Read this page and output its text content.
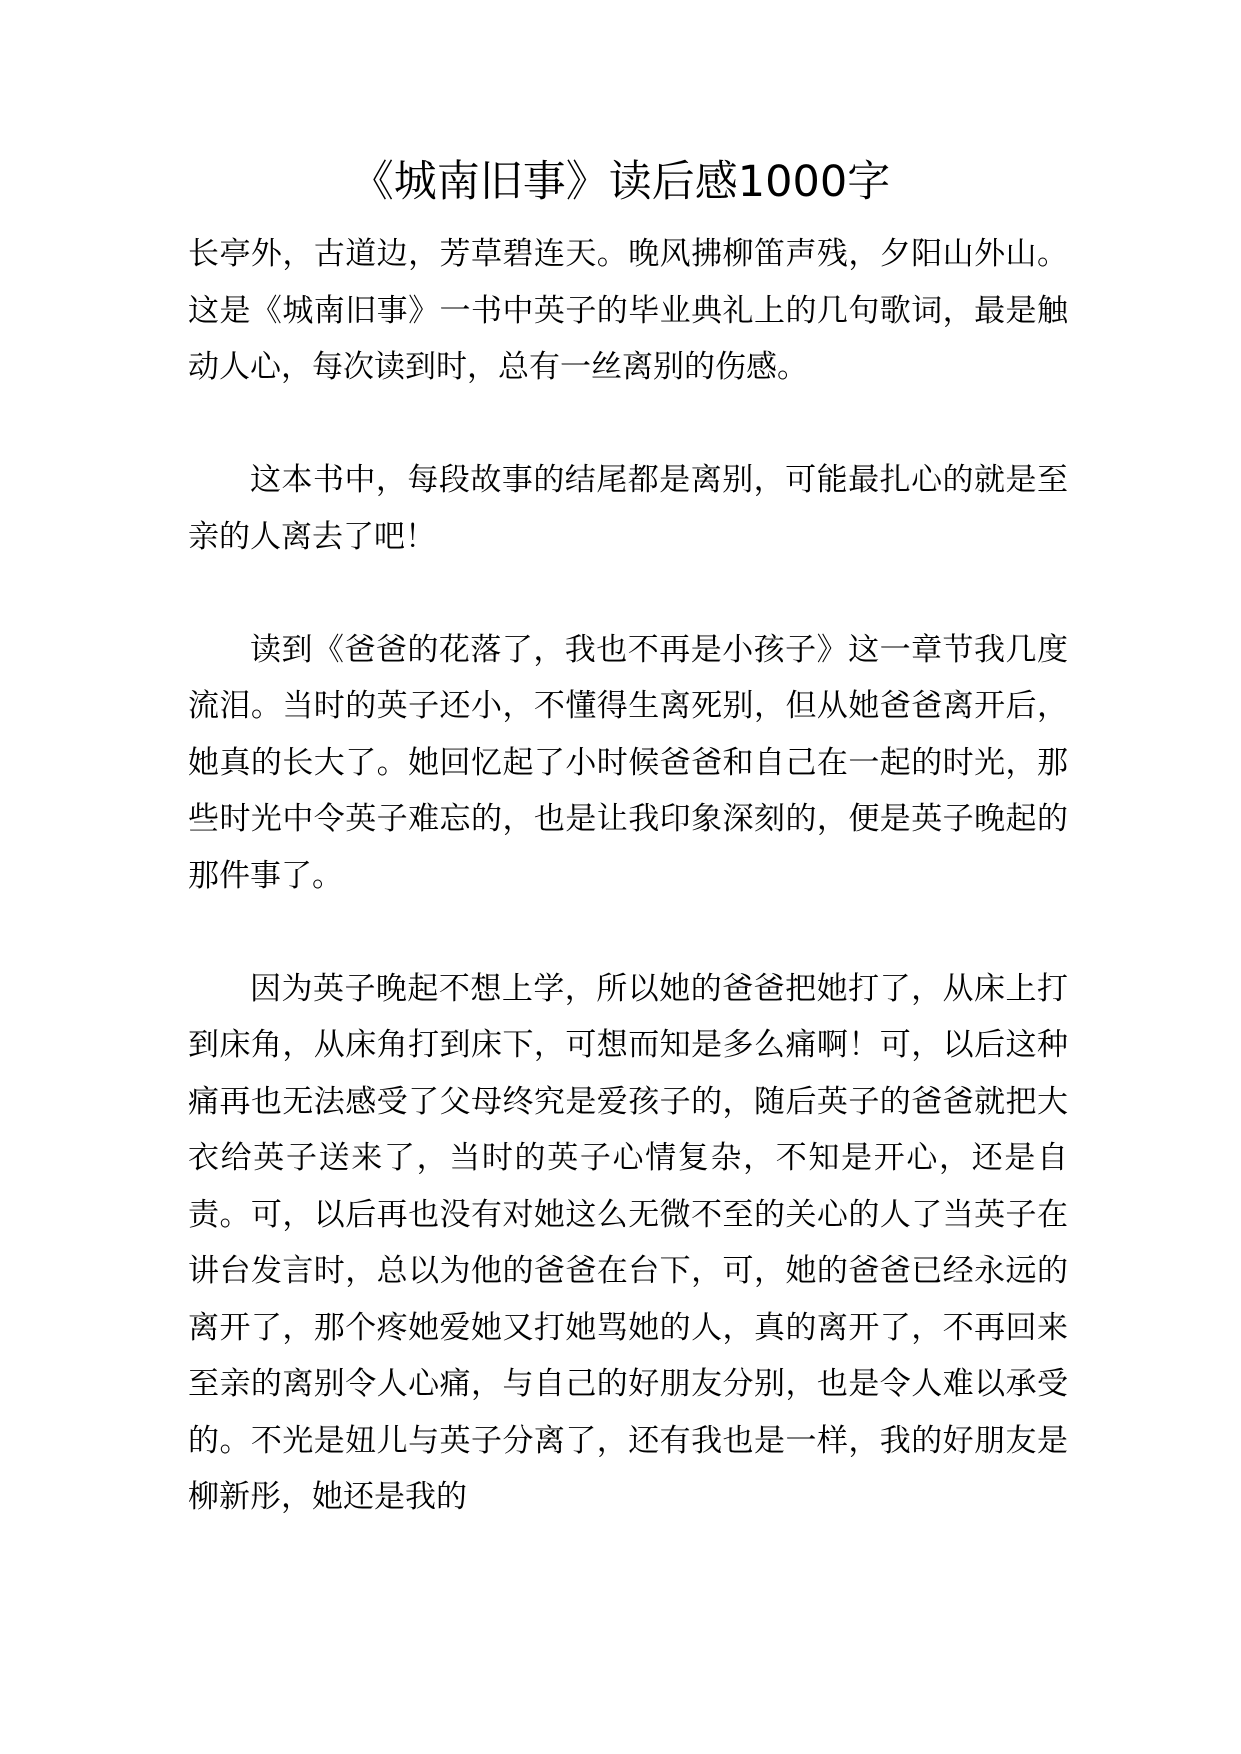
《城南旧事》读后感1000字

长亭外，古道边，芳草碧连天。晚风拂柳笛声残，夕阳山外山。这是《城南旧事》一书中英子的毕业典礼上的几句歌词，最是触动人心，每次读到时，总有一丝离别的伤感。

这本书中，每段故事的结尾都是离别，可能最扎心的就是至亲的人离去了吧！

读到《爸爸的花落了，我也不再是小孩子》这一章节我几度流泪。当时的英子还小，不懂得生离死别，但从她爸爸离开后，她真的长大了。她回忆起了小时候爸爸和自己在一起的时光，那些时光中令英子难忘的，也是让我印象深刻的，便是英子晚起的那件事了。

因为英子晚起不想上学，所以她的爸爸把她打了，从床上打到床角，从床角打到床下，可想而知是多么痛啊！可，以后这种痛再也无法感受了父母终究是爱孩子的，随后英子的爸爸就把大衣给英子送来了，当时的英子心情复杂，不知是开心，还是自责。可，以后再也没有对她这么无微不至的关心的人了当英子在讲台发言时，总以为他的爸爸在台下，可，她的爸爸已经永远的离开了，那个疼她爱她又打她骂她的人，真的离开了，不再回来至亲的离别令人心痛，与自己的好朋友分别，也是令人难以承受的。不光是妞儿与英子分离了，还有我也是一样，我的好朋友是柳新彤，她还是我的
